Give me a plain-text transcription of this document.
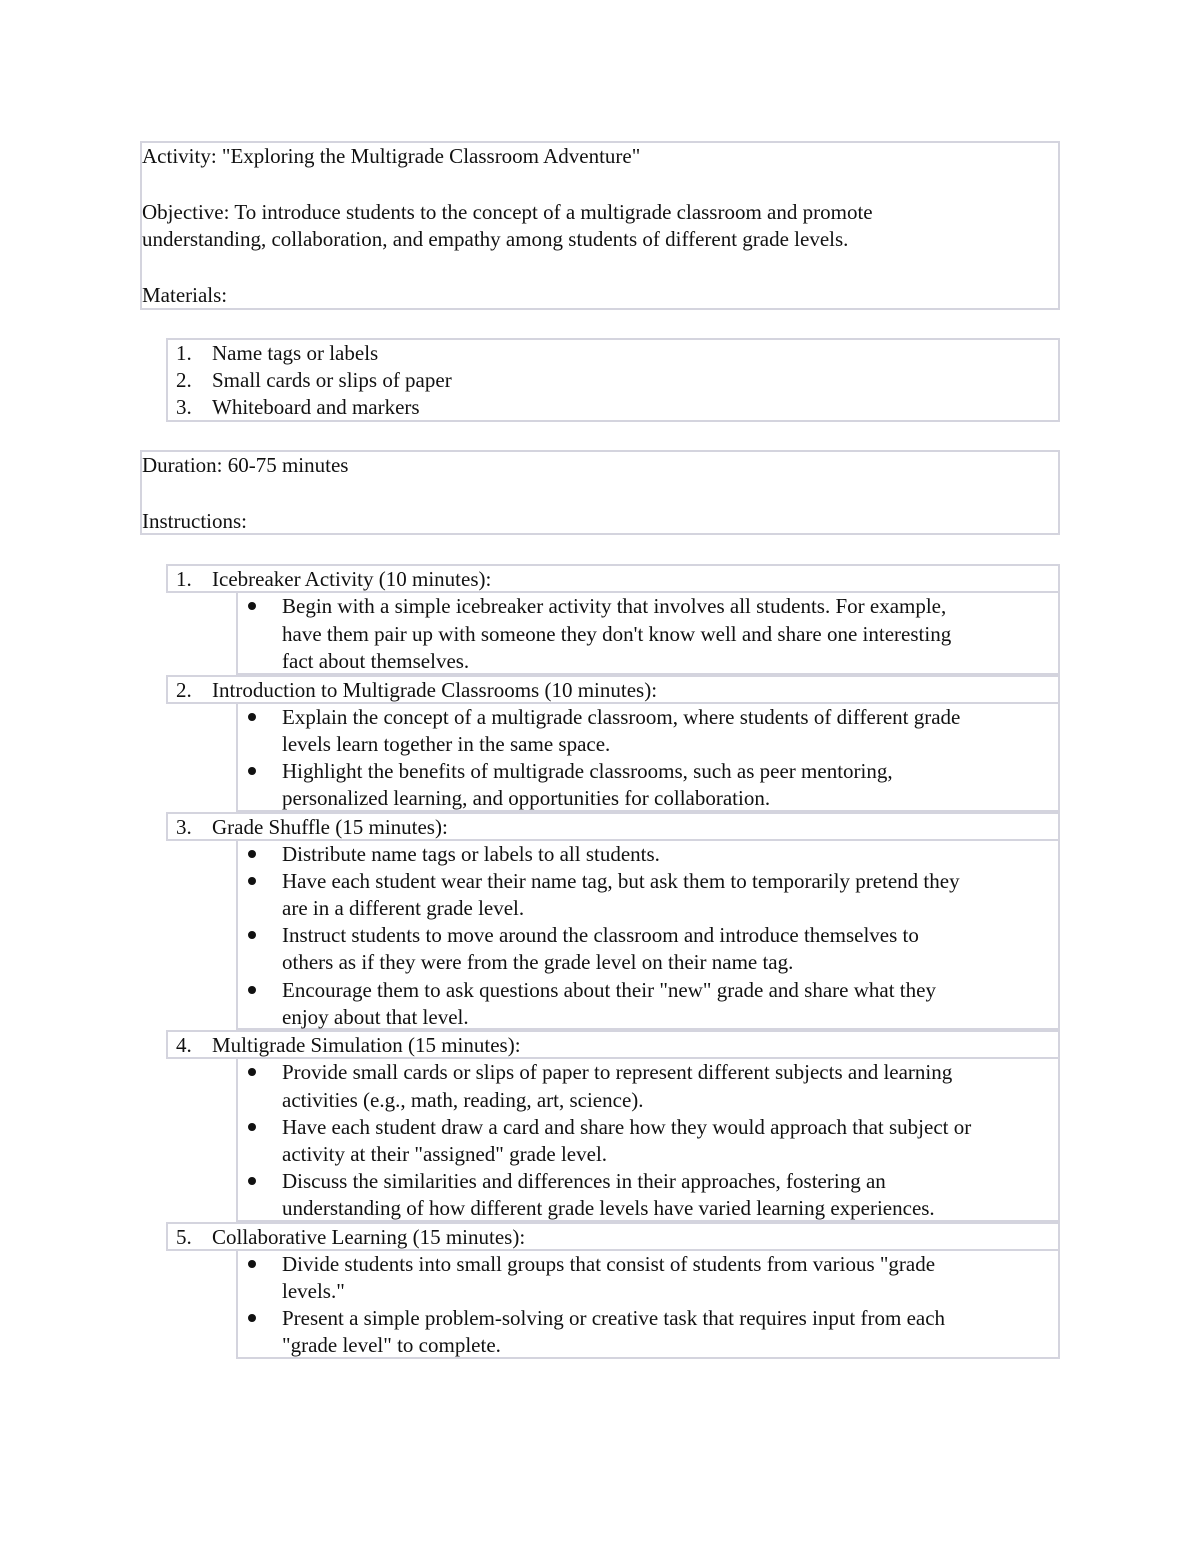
Activity: "Exploring the Multigrade Classroom Adventure"
Objective: To introduce students to the concept of a multigrade classroom and promote
understanding, collaboration, and empathy among students of different grade levels.
Materials:
1. Name tags or labels
2. Small cards or slips of paper
3. Whiteboard and markers
Duration: 60-75 minutes
Instructions:
1. Icebreaker Activity (10 minutes):
Begin with a simple icebreaker activity that involves all students. For example,
have them pair up with someone they don't know well and share one interesting
fact about themselves.
2. Introduction to Multigrade Classrooms (10 minutes):
Explain the concept of a multigrade classroom, where students of different grade
levels learn together in the same space.
Highlight the benefits of multigrade classrooms, such as peer mentoring,
personalized learning, and opportunities for collaboration.
3. Grade Shuffle (15 minutes):
Distribute name tags or labels to all students.
Have each student wear their name tag, but ask them to temporarily pretend they
are in a different grade level.
Instruct students to move around the classroom and introduce themselves to
others as if they were from the grade level on their name tag.
Encourage them to ask questions about their "new" grade and share what they
enjoy about that level.
4. Multigrade Simulation (15 minutes):
Provide small cards or slips of paper to represent different subjects and learning
activities (e.g., math, reading, art, science).
Have each student draw a card and share how they would approach that subject or
activity at their "assigned" grade level.
Discuss the similarities and differences in their approaches, fostering an
understanding of how different grade levels have varied learning experiences.
5. Collaborative Learning (15 minutes):
Divide students into small groups that consist of students from various "grade
levels."
Present a simple problem-solving or creative task that requires input from each
"grade level" to complete.
